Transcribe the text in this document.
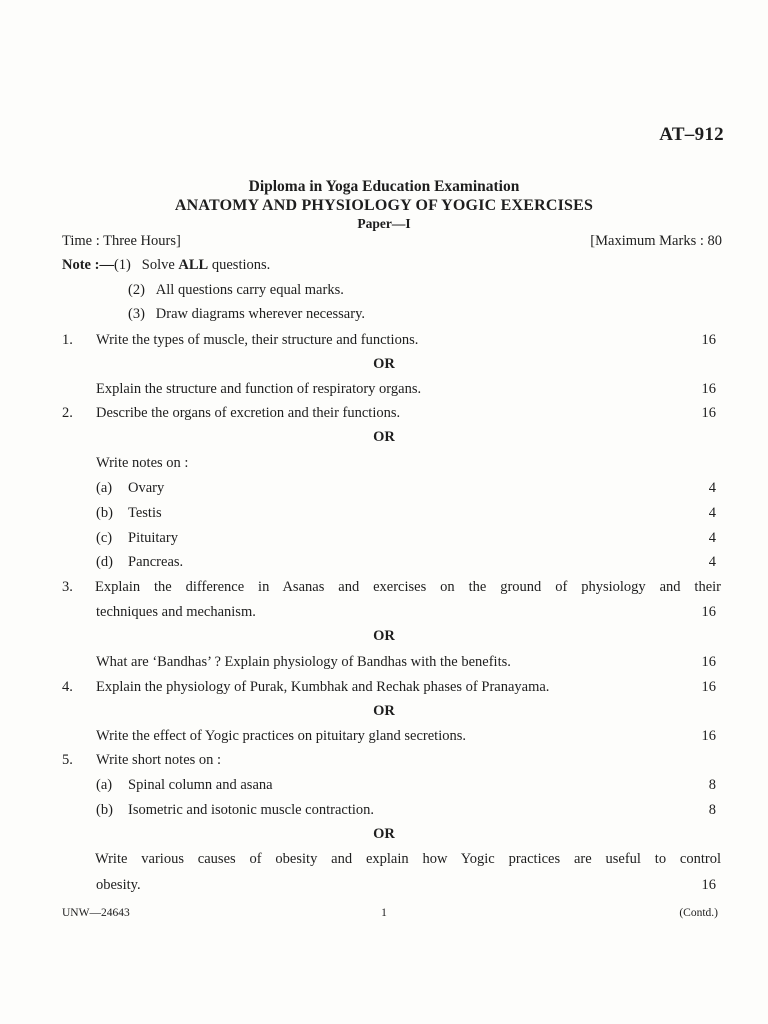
AT–912
Diploma in Yoga Education Examination
ANATOMY AND PHYSIOLOGY OF YOGIC EXERCISES
Paper—I
Time : Three Hours]	[Maximum Marks : 80
Note :—(1) Solve ALL questions.
(2) All questions carry equal marks.
(3) Draw diagrams wherever necessary.
1. Write the types of muscle, their structure and functions.	16
OR
Explain the structure and function of respiratory organs.	16
2. Describe the organs of excretion and their functions.	16
OR
Write notes on :
(a) Ovary	4
(b) Testis	4
(c) Pituitary	4
(d) Pancreas.	4
3. Explain the difference in Asanas and exercises on the ground of physiology and their
techniques and mechanism.	16
OR
What are ‘Bandhas’ ? Explain physiology of Bandhas with the benefits.	16
4. Explain the physiology of Purak, Kumbhak and Rechak phases of Pranayama.	16
OR
Write the effect of Yogic practices on pituitary gland secretions.	16
5. Write short notes on :
(a) Spinal column and asana	8
(b) Isometric and isotonic muscle contraction.	8
OR
Write various causes of obesity and explain how Yogic practices are useful to control
obesity.	16
UNW—24643	1	(Contd.)
